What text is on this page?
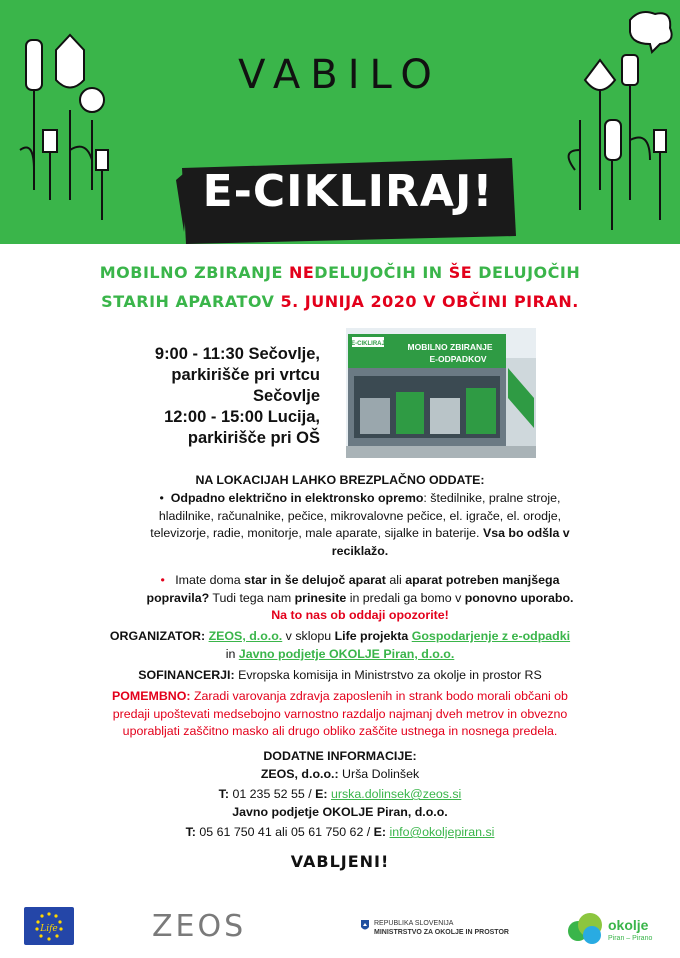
VABILO
E-CIKLIRAJ!
MOBILNO ZBIRANJE NEDELUJOČIH IN ŠE DELUJOČIH
STARIH APARATOV 5. JUNIJA 2020 V OBČINI PIRAN.
9:00 - 11:30 Sečovlje,
parkirišče pri vrtcu
Sečovlje
12:00 - 15:00 Lucija,
parkirišče pri OŠ
E-CIKLIRAJ	MOBILNO ZBIRANJE
E-ODPADKOV
NA LOKACIJAH LAHKO BREZPLAČNO ODDATE:
•  Odpadno električno in elektronsko opremo: štedilnike, pralne stroje,
hladilnike, računalnike, pečice, mikrovalovne pečice, el. igrače, el. orodje,
televizorje, radie, monitorje, male aparate, sijalke in baterije. Vsa bo odšla v
reciklažo.
•   Imate doma star in še delujoč aparat ali aparat potreben manjšega
popravila? Tudi tega nam prinesite in predali ga bomo v ponovno uporabo.
Na to nas ob oddaji opozorite!
ORGANIZATOR: ZEOS, d.o.o. v sklopu Life projekta Gospodarjenje z e-odpadki
in Javno podjetje OKOLJE Piran, d.o.o.
SOFINANCERJI: Evropska komisija in Ministrstvo za okolje in prostor RS
POMEMBNO: Zaradi varovanja zdravja zaposlenih in strank bodo morali občani ob
predaji upoštevati medsebojno varnostno razdaljo najmanj dveh metrov in obvezno
uporabljati zaščitno masko ali drugo obliko zaščite ustnega in nosnega predela.
DODATNE INFORMACIJE:
ZEOS, d.o.o.: Urša Dolinšek
T: 01 235 52 55 / E: urska.dolinsek@zeos.si
Javno podjetje OKOLJE Piran, d.o.o.
T: 05 61 750 41 ali 05 61 750 62 / E: info@okoljepiran.si
VABLJENI!
Life	ZEOS	REPUBLIKA SLOVENIJA
MINISTRSTVO ZA OKOLJE IN PROSTOR	okolje
Piran – Pirano
